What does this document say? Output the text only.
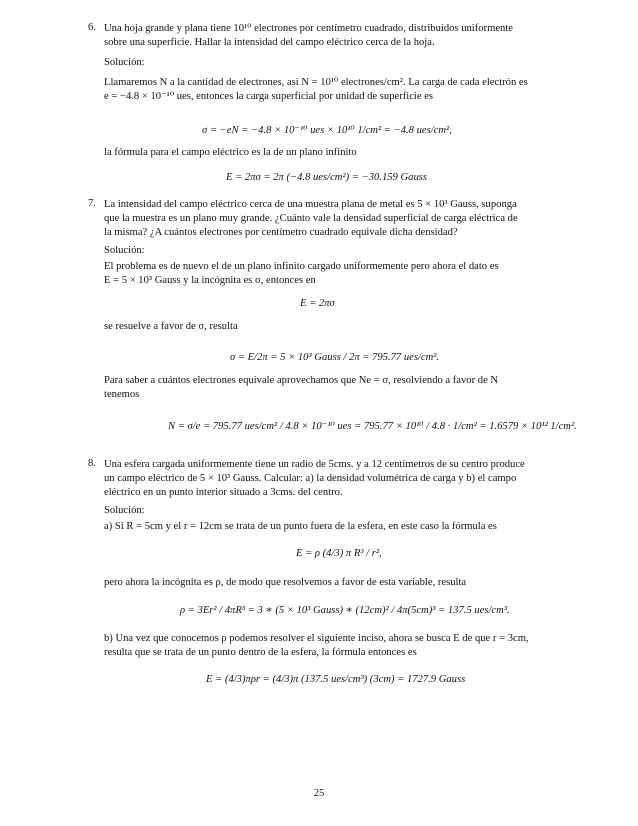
6. Una hoja grande y plana tiene 10¹⁰ electrones por centímetro cuadrado, distribuidos uniformente
sobre una superficie. Hallar la intensidad del campo eléctrico cerca de la hoja.
Solución:
Llamaremos N a la cantidad de electrones, así N = 10¹⁰ electrones/cm². La carga de cada electrón es
e = −4.8 × 10⁻¹⁰ ues, entonces la carga superficial por unidad de superficie es
σ = −eN = −4.8 × 10⁻¹⁰ ues × 10¹⁰ 1/cm² = −4.8 ues/cm²,
la fórmula para el campo eléctrico es la de un plano infinito
E = 2πσ = 2π (−4.8 ues/cm²) = −30.159 Gauss
7. La intensidad del campo eléctrico cerca de una muestra plana de metal es 5 × 10³ Gauss, suponga
que la muestra es un plano muy grande. ¿Cuánto vale la densidad superficial de carga eléctrica de
la misma? ¿A cuántos electrones por centímetro cuadrado equivale dicha densidad?
Solución:
El problema es de nuevo el de un plano infinito cargado uniformemente pero ahora el dato es
E = 5 × 10³ Gauss y la incógnita es σ, entonces en
E = 2πσ
se resuelve a favor de σ, resulta
σ = E/2π = 5 × 10³ Gauss / 2π = 795.77 ues/cm².
Para saber a cuántos electrones equivale aprovechamos que Ne = σ, resolviendo a favor de N
tenemos
N = σ/e = 795.77 ues/cm² / 4.8 × 10⁻¹⁰ ues = 795.77 × 10¹⁰ / 4.8 · 1/cm² = 1.6579 × 10¹² 1/cm².
8. Una esfera cargada uniformemente tiene un radio de 5cms. y a 12 centímetros de su centro produce
un campo eléctrico de 5 × 10³ Gauss. Calcular: a) la densidad volumétrica de carga y b) el campo
eléctrico en un punto interior situado a 3cms. del centro.
Solución:
a) Si R = 5cm y el r = 12cm se trata de un punto fuera de la esfera, en este caso la fórmula es
E = ρ (4/3) π R³ / r²,
pero ahora la incógnita es ρ, de modo que resolvemos a favor de esta variable, resulta
ρ = 3Er² / 4πR³ = 3 ∗ (5 × 10³ Gauss) ∗ (12cm)² / 4π(5cm)³ = 137.5 ues/cm³.
b) Una vez que conocemos ρ podemos resolver el siguiente inciso, ahora se busca E de que r = 3cm,
resulta que se trata de un punto dentro de la esfera, la fórmula entonces es
E = (4/3)πρr = (4/3)π (137.5 ues/cm³) (3cm) = 1727.9 Gauss
25
